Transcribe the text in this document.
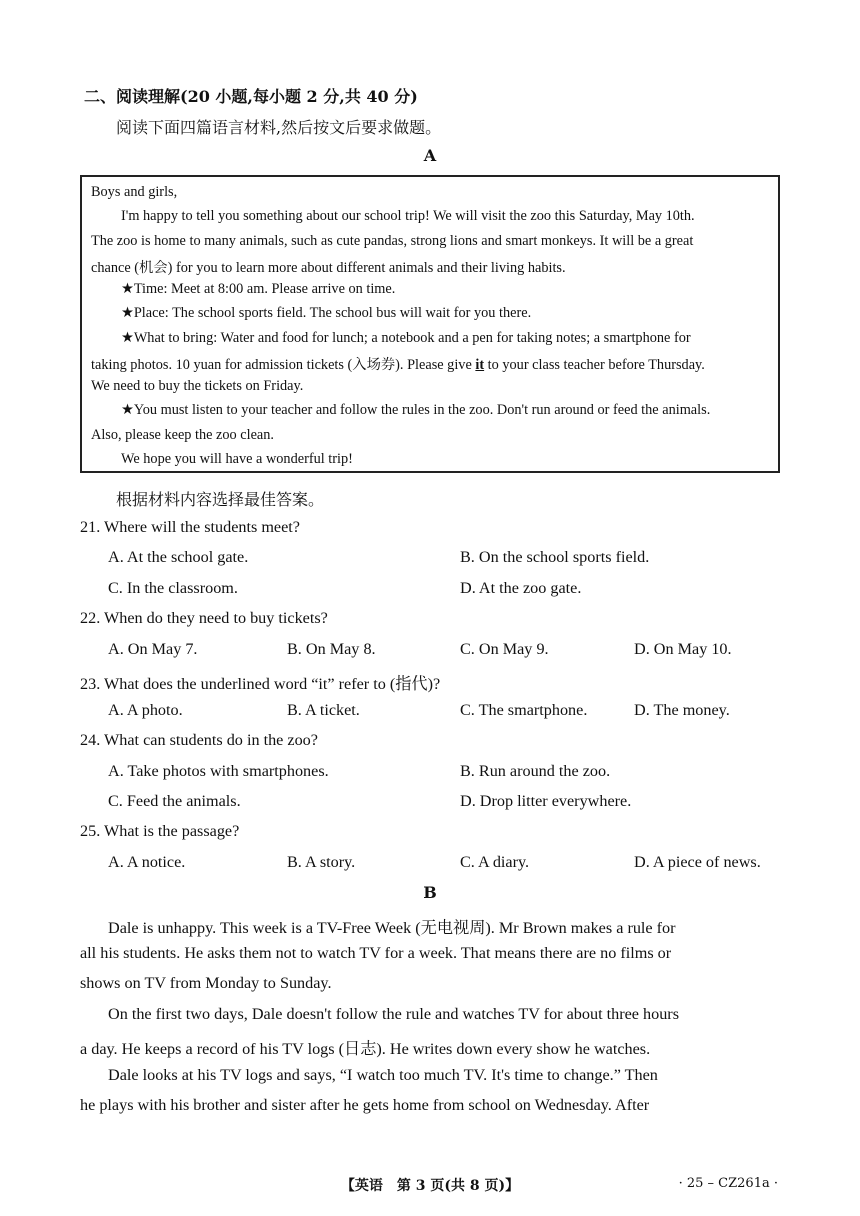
二、阅读理解(20 小题,每小题 2 分,共 40 分)
阅读下面四篇语言材料,然后按文后要求做题。
A
Boys and girls,
I'm happy to tell you something about our school trip! We will visit the zoo this Saturday, May 10th.
The zoo is home to many animals, such as cute pandas, strong lions and smart monkeys. It will be a great
chance (机会) for you to learn more about different animals and their living habits.
★Time: Meet at 8:00 am. Please arrive on time.
★Place: The school sports field. The school bus will wait for you there.
★What to bring: Water and food for lunch; a notebook and a pen for taking notes; a smartphone for
taking photos. 10 yuan for admission tickets (入场券). Please give it to your class teacher before Thursday.
We need to buy the tickets on Friday.
★You must listen to your teacher and follow the rules in the zoo. Don't run around or feed the animals.
Also, please keep the zoo clean.
We hope you will have a wonderful trip!
根据材料内容选择最佳答案。
21. Where will the students meet?
A. At the school gate.	B. On the school sports field.
C. In the classroom.	D. At the zoo gate.
22. When do they need to buy tickets?
A. On May 7.	B. On May 8.	C. On May 9.	D. On May 10.
23. What does the underlined word “it” refer to (指代)?
A. A photo.	B. A ticket.	C. The smartphone.	D. The money.
24. What can students do in the zoo?
A. Take photos with smartphones.	B. Run around the zoo.
C. Feed the animals.	D. Drop litter everywhere.
25. What is the passage?
A. A notice.	B. A story.	C. A diary.	D. A piece of news.
B
Dale is unhappy. This week is a TV-Free Week (无电视周). Mr Brown makes a rule for
all his students. He asks them not to watch TV for a week. That means there are no films or
shows on TV from Monday to Sunday.
On the first two days, Dale doesn't follow the rule and watches TV for about three hours
a day. He keeps a record of his TV logs (日志). He writes down every show he watches.
Dale looks at his TV logs and says, “I watch too much TV. It's time to change.” Then
he plays with his brother and sister after he gets home from school on Wednesday. After
【英语　第 3 页(共 8 页)】	· 25 – CZ261a ·
